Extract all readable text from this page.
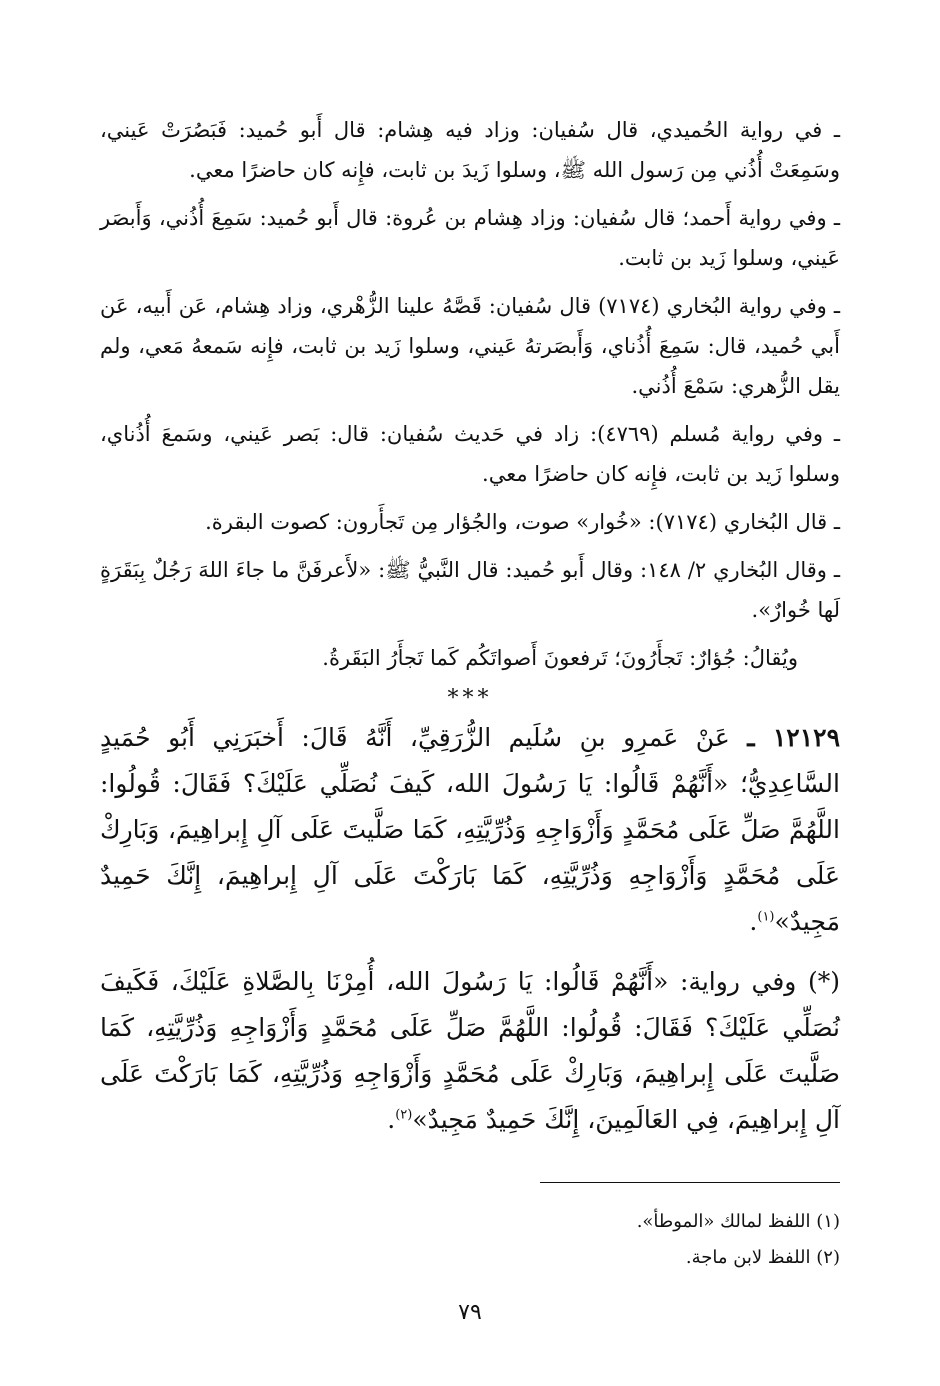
ـ في رواية الحُميدي، قال سُفيان: وزاد فيه هِشام: قال أَبو حُميد: فَبَصُرَتْ عَيني، وسَمِعَتْ أُذُني مِن رَسول الله ﷺ، وسلوا زَيدَ بن ثابت، فإِنه كان حاضرًا معي.

ـ وفي رواية أَحمد؛ قال سُفيان: وزاد هِشام بن عُروة: قال أَبو حُميد: سَمِعَ أُذُني، وَأَبصَر عَيني، وسلوا زَيد بن ثابت.

ـ وفي رواية البُخاري (٧١٧٤) قال سُفيان: قَصَّهُ علينا الزُّهْري، وزاد هِشام، عَن أَبيه، عَن أَبي حُميد، قال: سَمِعَ أُذُناي، وَأَبصَرتهُ عَيني، وسلوا زَيد بن ثابت، فإِنه سَمعهُ مَعي، ولم يقل الزُّهري: سَمْعَ أُذُني.

ـ وفي رواية مُسلم (٤٧٦٩): زاد في حَديث سُفيان: قال: بَصر عَيني، وسَمعَ أُذُناي، وسلوا زَيد بن ثابت، فإِنه كان حاضرًا معي.

ـ قال البُخاري (٧١٧٤): «خُوار» صوت، والجُؤار مِن تَجأَرون: كصوت البقرة.

ـ وقال البُخاري ٢/ ١٤٨: وقال أَبو حُميد: قال النَّبيُّ ﷺ: «لأَعرفَنَّ ما جاءَ اللهَ رَجُلٌ بِبَقَرَةٍ لَها خُوارٌ».

ويُقالُ: جُؤارٌ: تَجأَرُونَ؛ تَرفعونَ أَصواتَكُم كَما تَجأَرُ البَقَرةُ.

***

١٢١٢٩ ـ عَنْ عَمرِو بنِ سُلَيم الزُّرَقِيِّ، أَنَّهُ قَالَ: أَخبَرَنِي أَبُو حُمَيدٍ السَّاعِدِيُّ؛ «أَنَّهُمْ قَالُوا: يَا رَسُولَ الله، كَيفَ نُصَلِّي عَلَيْكَ؟ فَقَالَ: قُولُوا: اللَّهُمَّ صَلِّ عَلَى مُحَمَّدٍ وَأَزْوَاجِهِ وَذُرِّيَّتِهِ، كَمَا صَلَّيتَ عَلَى آلِ إِبراهِيمَ، وَبَارِكْ عَلَى مُحَمَّدٍ وَأَزْوَاجِهِ وَذُرِّيَّتِهِ، كَمَا بَارَكْتَ عَلَى آلِ إِبراهِيمَ، إِنَّكَ حَمِيدٌ مَجِيدٌ»$^{(١)}$.

(*) وفي رواية: «أَنَّهُمْ قَالُوا: يَا رَسُولَ الله، أُمِرْنَا بِالصَّلاةِ عَلَيْكَ، فَكَيفَ نُصَلِّي عَلَيْكَ؟ فَقَالَ: قُولُوا: اللَّهُمَّ صَلِّ عَلَى مُحَمَّدٍ وَأَزْوَاجِهِ وَذُرِّيَّتِهِ، كَمَا صَلَّيتَ عَلَى إِبراهِيمَ، وَبَارِكْ عَلَى مُحَمَّدٍ وَأَزْوَاجِهِ وَذُرِّيَّتِهِ، كَمَا بَارَكْتَ عَلَى آلِ إِبراهِيمَ، فِي العَالَمِينَ، إِنَّكَ حَمِيدٌ مَجِيدٌ»$^{(٢)}$.

(١) اللفظ لمالك «الموطأ».

(٢) اللفظ لابن ماجة.

٧٩
